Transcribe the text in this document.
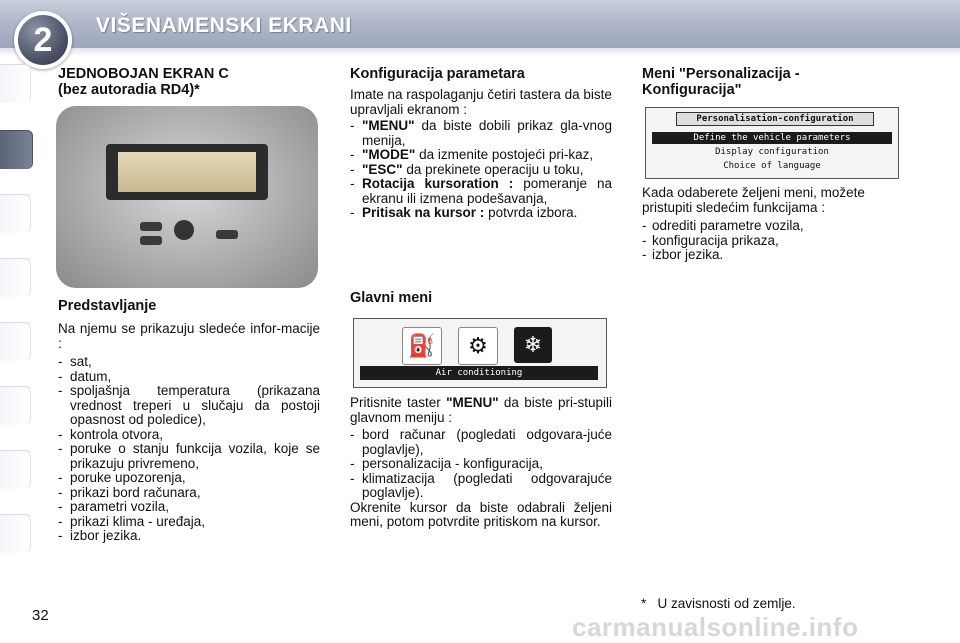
2	VIŠENAMENSKI EKRANI
JEDNOBOJAN EKRAN C
(bez autoradia RD4)*
Predstavljanje

Na njemu se prikazuju sledeće infor-macije :

- sat,
- datum,
- spoljašnja temperatura (prikazana vrednost treperi u slučaju da postoji opasnost od poledice),
- kontrola otvora,
- poruke o stanju funkcija vozila, koje se prikazuju privremeno,
- poruke upozorenja,
- prikazi bord računara,
- parametri vozila,
- prikazi klima - uređaja,
- izbor jezika.
Konfiguracija parametara

Imate na raspolaganju četiri tastera da biste upravljali ekranom :

- "MENU" da biste dobili prikaz gla-vnog menija,
- "MODE" da izmenite postojeći pri-kaz,
- "ESC" da prekinete operaciju u toku,
- Rotacija kursoration : pomeranje na ekranu ili izmena podešavanja,
- Pritisak na kursor : potvrda izbora.
Glavni meni
⛽	⚙	❄
Air conditioning

Pritisnite taster "MENU" da biste pri-stupili glavnom meniju :

- bord računar (pogledati odgovara-juće poglavlje),
- personalizacija - konfiguracija,
- klimatizacija (pogledati odgovarajuće poglavlje).

Okrenite kursor da biste odabrali željeni meni, potom potvrdite pritiskom na kursor.

Meni "Personalizacija -
Konfiguracija"
Personalisation-configuration
Define the vehicle parameters
Display configuration
Choice of language

Kada odaberete željeni meni, možete pristupiti sledećim funkcijama :

- odrediti parametre vozila,
- konfiguracija prikaza,
- izbor jezika.
* U zavisnosti od zemlje.
32	carmanualsonline.info
